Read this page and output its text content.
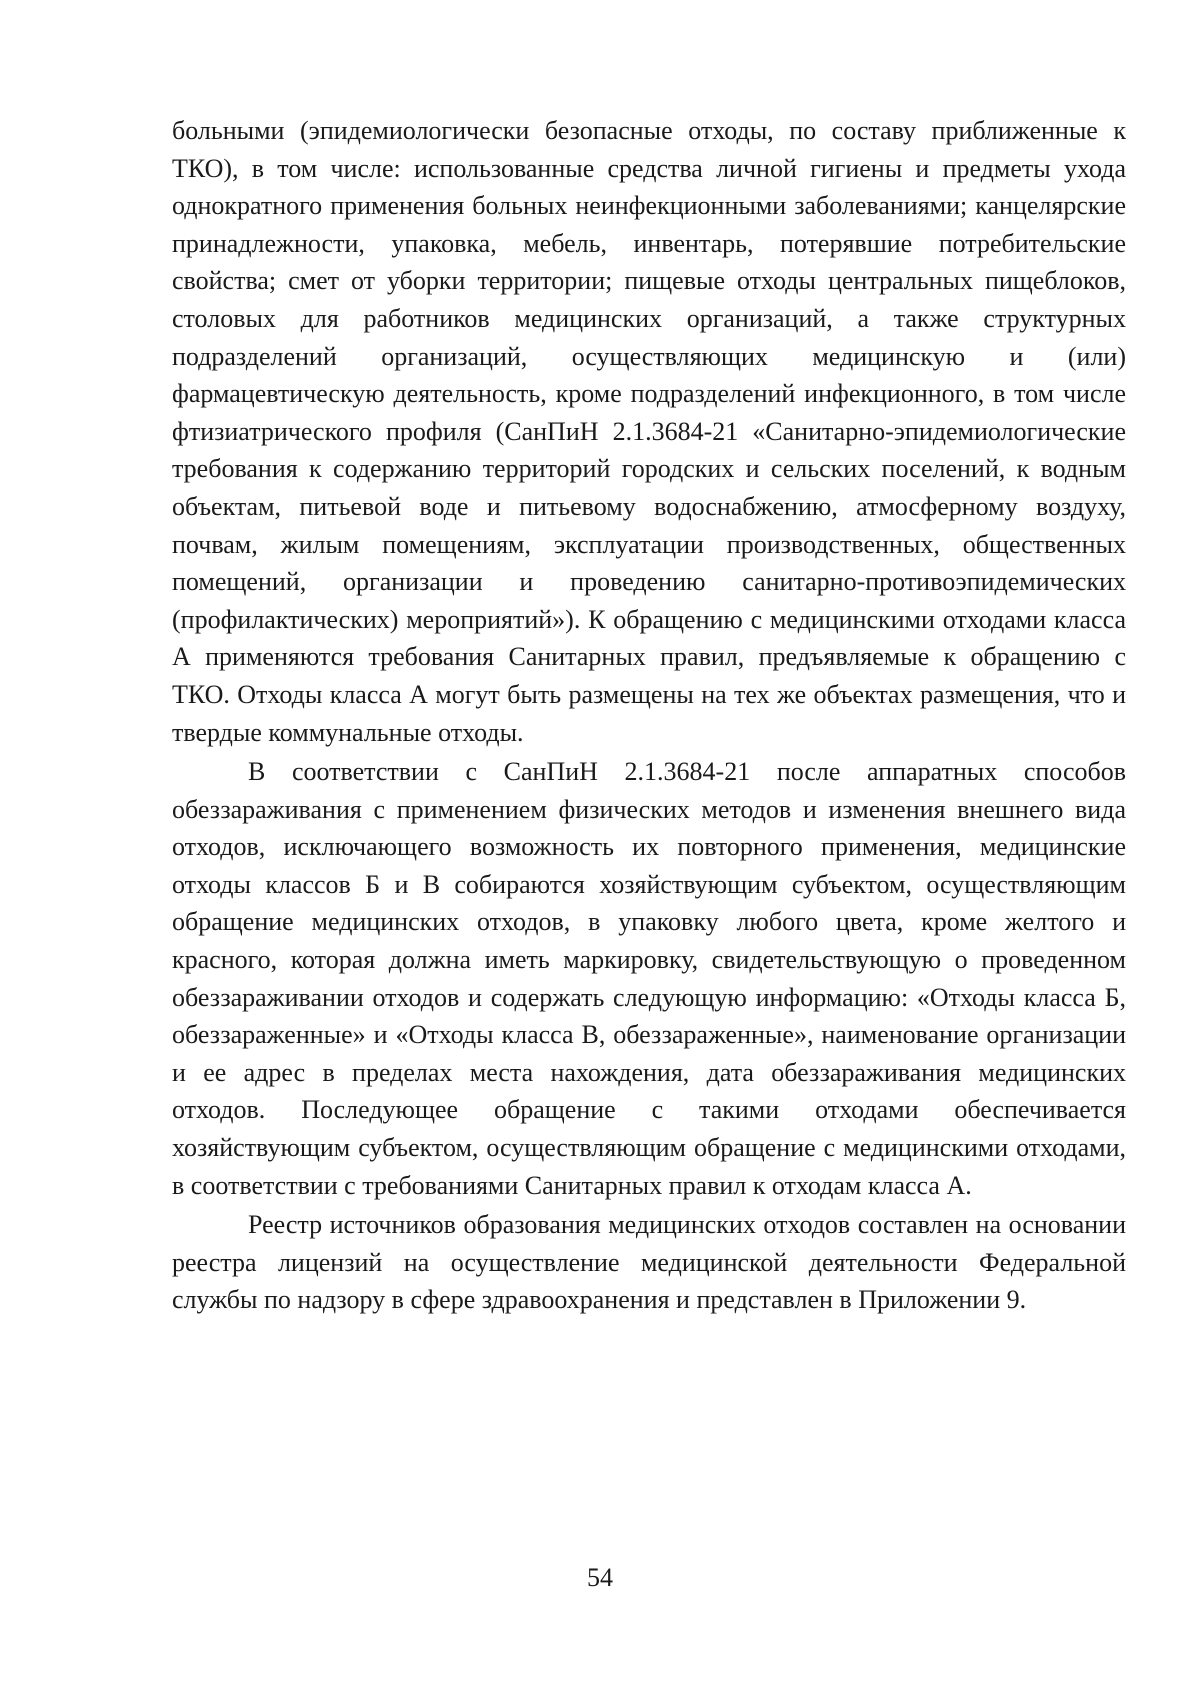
больными (эпидемиологически безопасные отходы, по составу приближенные к ТКО), в том числе: использованные средства личной гигиены и предметы ухода однократного применения больных неинфекционными заболеваниями; канцелярские принадлежности, упаковка, мебель, инвентарь, потерявшие потребительские свойства; смет от уборки территории; пищевые отходы центральных пищеблоков, столовых для работников медицинских организаций, а также структурных подразделений организаций, осуществляющих медицинскую и (или) фармацевтическую деятельность, кроме подразделений инфекционного, в том числе фтизиатрического профиля (СанПиН 2.1.3684-21 «Санитарно-эпидемиологические требования к содержанию территорий городских и сельских поселений, к водным объектам, питьевой воде и питьевому водоснабжению, атмосферному воздуху, почвам, жилым помещениям, эксплуатации производственных, общественных помещений, организации и проведению санитарно-противоэпидемических (профилактических) мероприятий»). К обращению с медицинскими отходами класса А применяются требования Санитарных правил, предъявляемые к обращению с ТКО. Отходы класса А могут быть размещены на тех же объектах размещения, что и твердые коммунальные отходы.

В соответствии с СанПиН 2.1.3684-21 после аппаратных способов обеззараживания с применением физических методов и изменения внешнего вида отходов, исключающего возможность их повторного применения, медицинские отходы классов Б и В собираются хозяйствующим субъектом, осуществляющим обращение медицинских отходов, в упаковку любого цвета, кроме желтого и красного, которая должна иметь маркировку, свидетельствующую о проведенном обеззараживании отходов и содержать следующую информацию: «Отходы класса Б, обеззараженные» и «Отходы класса В, обеззараженные», наименование организации и ее адрес в пределах места нахождения, дата обеззараживания медицинских отходов. Последующее обращение с такими отходами обеспечивается хозяйствующим субъектом, осуществляющим обращение с медицинскими отходами, в соответствии с требованиями Санитарных правил к отходам класса А.

Реестр источников образования медицинских отходов составлен на основании реестра лицензий на осуществление медицинской деятельности Федеральной службы по надзору в сфере здравоохранения и представлен в Приложении 9.

54
